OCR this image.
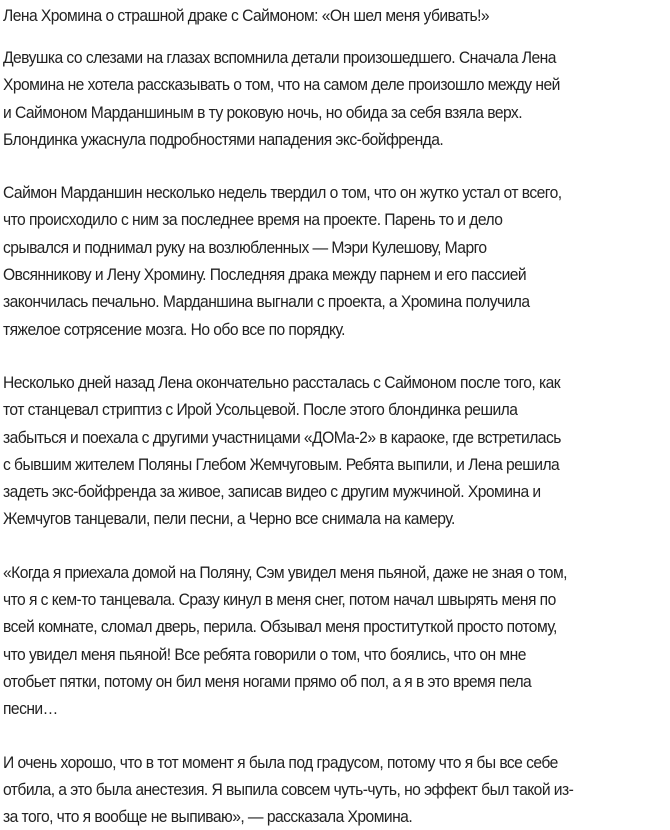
Лена Хромина о страшной драке с Саймоном: «Он шел меня убивать!»

Девушка со слезами на глазах вспомнила детали произошедшего. Сначала Лена
Хромина не хотела рассказывать о том, что на самом деле произошло между ней
и Саймоном Марданшиным в ту роковую ночь, но обида за себя взяла верх.
Блондинка ужаснула подробностями нападения экс-бойфренда.

Саймон Марданшин несколько недель твердил о том, что он жутко устал от всего,
что происходило с ним за последнее время на проекте. Парень то и дело
срывался и поднимал руку на возлюбленных — Мэри Кулешову, Марго
Овсянникову и Лену Хромину. Последняя драка между парнем и его пассией
закончилась печально. Марданшина выгнали с проекта, а Хромина получила
тяжелое сотрясение мозга. Но обо все по порядку.

Несколько дней назад Лена окончательно рассталась с Саймоном после того, как
тот станцевал стриптиз с Ирой Усольцевой. После этого блондинка решила
забыться и поехала с другими участницами «ДОМа-2» в караоке, где встретилась
с бывшим жителем Поляны Глебом Жемчуговым. Ребята выпили, и Лена решила
задеть экс-бойфренда за живое, записав видео с другим мужчиной. Хромина и
Жемчугов танцевали, пели песни, а Черно все снимала на камеру.

«Когда я приехала домой на Поляну, Сэм увидел меня пьяной, даже не зная о том,
что я с кем-то танцевала. Сразу кинул в меня снег, потом начал швырять меня по
всей комнате, сломал дверь, перила. Обзывал меня проституткой просто потому,
что увидел меня пьяной! Все ребята говорили о том, что боялись, что он мне
отобьет пятки, потому он бил меня ногами прямо об пол, а я в это время пела
песни…

И очень хорошо, что в тот момент я была под градусом, потому что я бы все себе
отбила, а это была анестезия. Я выпила совсем чуть-чуть, но эффект был такой из-
за того, что я вообще не выпиваю», — рассказала Хромина.
